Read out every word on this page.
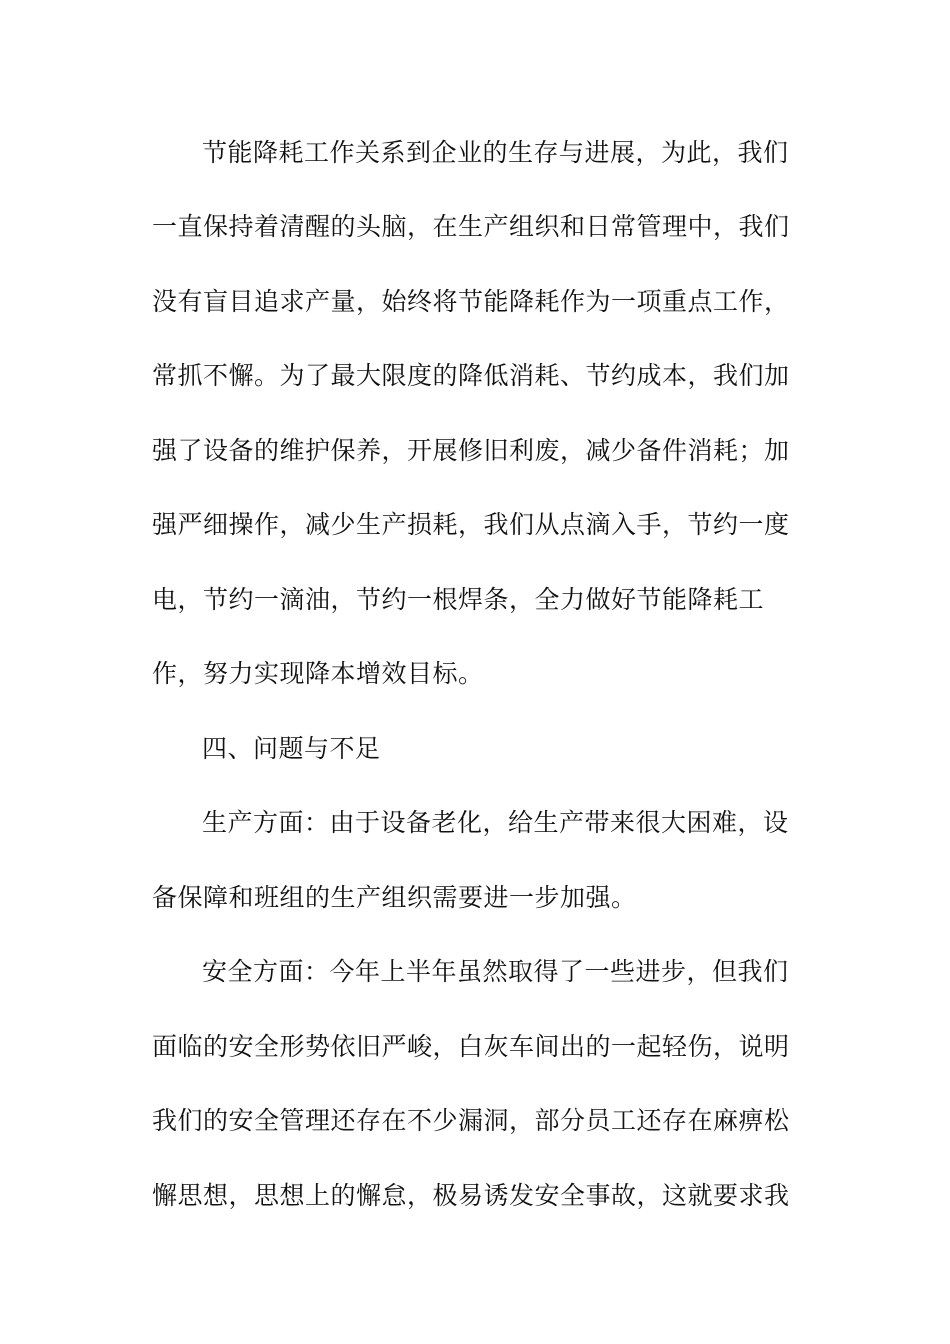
节能降耗工作关系到企业的生存与进展，为此，我们
一直保持着清醒的头脑，在生产组织和日常管理中，我们
没有盲目追求产量，始终将节能降耗作为一项重点工作，
常抓不懈。为了最大限度的降低消耗、节约成本，我们加
强了设备的维护保养，开展修旧利废，减少备件消耗；加
强严细操作，减少生产损耗，我们从点滴入手，节约一度
电，节约一滴油，节约一根焊条，全力做好节能降耗工
作，努力实现降本增效目标。
四、问题与不足
生产方面：由于设备老化，给生产带来很大困难，设
备保障和班组的生产组织需要进一步加强。
安全方面：今年上半年虽然取得了一些进步，但我们
面临的安全形势依旧严峻，白灰车间出的一起轻伤，说明
我们的安全管理还存在不少漏洞，部分员工还存在麻痹松
懈思想，思想上的懈怠，极易诱发安全事故，这就要求我
